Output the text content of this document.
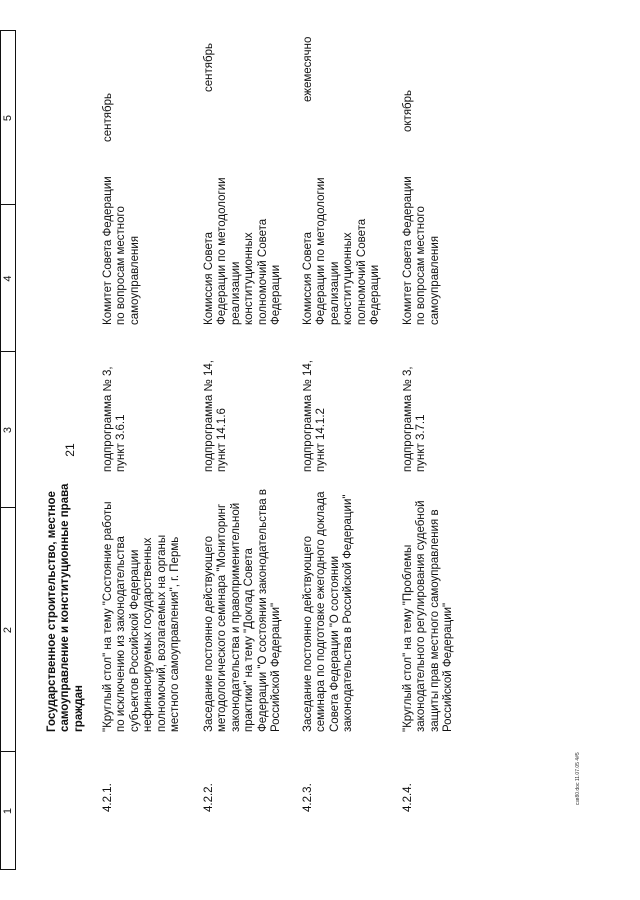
21
1
2
3
4
5
Государственное строительство, местное
самоуправление и конституционные права
граждан
4.2.1.
"Круглый стол" на тему "Состояние работы
по исключению из законодательства
субъектов Российской Федерации
нефинансируемых государственных
полномочий, возлагаемых на органы
местного самоуправления", г. Пермь
подпрограмма № 3,
пункт 3.6.1
Комитет Совета Федерации
по вопросам местного
самоуправления
сентябрь
4.2.2.
Заседание постоянно действующего
методологического семинара "Мониторинг
законодательства и правоприменительной
практики" на тему "Доклад Совета
Федерации "О состоянии законодательства в
Российской Федерации"
подпрограмма № 14,
пункт 14.1.6
Комиссия Совета
Федерации по методологии
реализации
конституционных
полномочий Совета
Федерации
сентябрь
4.2.3.
Заседание постоянно действующего
семинара по подготовке ежегодного доклада
Совета Федерации "О состоянии
законодательства в Российской Федерации"
подпрограмма № 14,
пункт 14.1.2
Комиссия Совета
Федерации по методологии
реализации
конституционных
полномочий Совета
Федерации
ежемесячно
4.2.4.
"Круглый стол" на тему "Проблемы
законодательного регулирования судебной
защиты прав местного самоуправления в
Российской Федерации"
подпрограмма № 3,
пункт 3.7.1
Комитет Совета Федерации
по вопросам местного
самоуправления
октябрь
сзв80.doc 11.07.05 4#5
